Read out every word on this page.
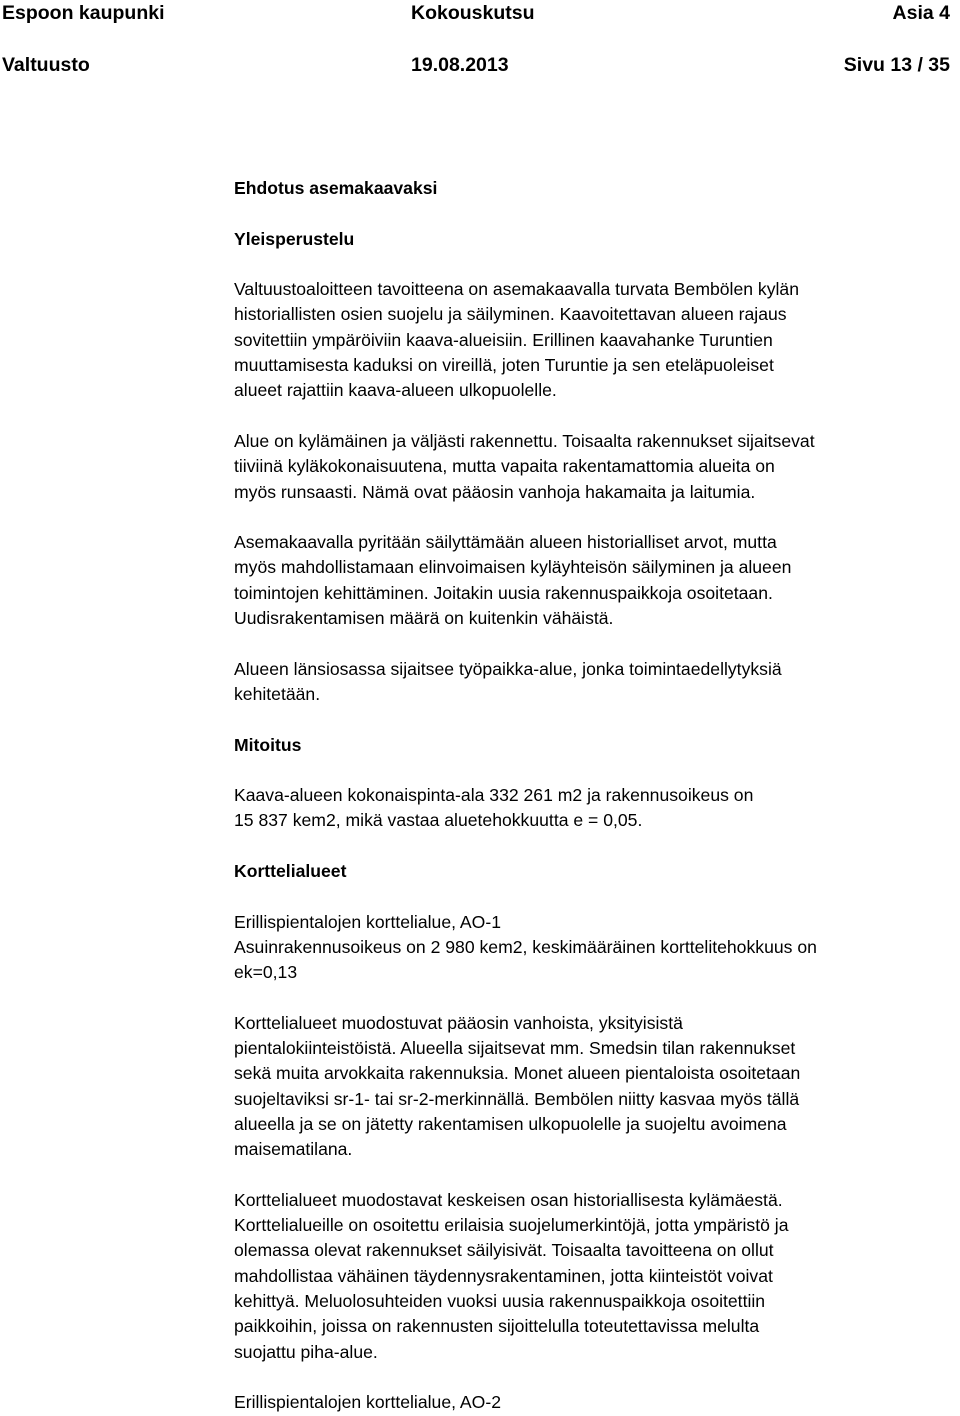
Espoon kaupunki	Kokouskutsu	Asia 4
Valtuusto	19.08.2013	Sivu 13 / 35

Ehdotus asemakaavaksi

Yleisperustelu

Valtuustoaloitteen tavoitteena on asemakaavalla turvata Bembölen kylän
historiallisten osien suojelu ja säilyminen. Kaavoitettavan alueen rajaus
sovitettiin ympäröiviin kaava-alueisiin. Erillinen kaavahanke Turuntien
muuttamisesta kaduksi on vireillä, joten Turuntie ja sen eteläpuoleiset
alueet rajattiin kaava-alueen ulkopuolelle.

Alue on kylämäinen ja väljästi rakennettu. Toisaalta rakennukset sijaitsevat
tiiviinä kyläkokonaisuutena, mutta vapaita rakentamattomia alueita on
myös runsaasti. Nämä ovat pääosin vanhoja hakamaita ja laitumia.

Asemakaavalla pyritään säilyttämään alueen historialliset arvot, mutta
myös mahdollistamaan elinvoimaisen kyläyhteisön säilyminen ja alueen
toimintojen kehittäminen. Joitakin uusia rakennuspaikkoja osoitetaan.
Uudisrakentamisen määrä on kuitenkin vähäistä.

Alueen länsiosassa sijaitsee työpaikka-alue, jonka toimintaedellytyksiä
kehitetään.

Mitoitus

Kaava-alueen kokonaispinta-ala 332 261 m2 ja rakennusoikeus on
15 837 kem2, mikä vastaa aluetehokkuutta e = 0,05.

Korttelialueet

Erillispientalojen korttelialue, AO-1
Asuinrakennusoikeus on 2 980 kem2, keskimääräinen korttelitehokkuus on
ek=0,13

Korttelialueet muodostuvat pääosin vanhoista, yksityisistä
pientalokiinteistöistä. Alueella sijaitsevat mm. Smedsin tilan rakennukset
sekä muita arvokkaita rakennuksia. Monet alueen pientaloista osoitetaan
suojeltaviksi sr-1- tai sr-2-merkinnällä. Bembölen niitty kasvaa myös tällä
alueella ja se on jätetty rakentamisen ulkopuolelle ja suojeltu avoimena
maisematilana.

Korttelialueet muodostavat keskeisen osan historiallisesta kylämäestä.
Korttelialueille on osoitettu erilaisia suojelumerkintöjä, jotta ympäristö ja
olemassa olevat rakennukset säilyisivät. Toisaalta tavoitteena on ollut
mahdollistaa vähäinen täydennysrakentaminen, jotta kiinteistöt voivat
kehittyä. Meluolosuhteiden vuoksi uusia rakennuspaikkoja osoitettiin
paikkoihin, joissa on rakennusten sijoittelulla toteutettavissa melulta
suojattu piha-alue.

Erillispientalojen korttelialue, AO-2
